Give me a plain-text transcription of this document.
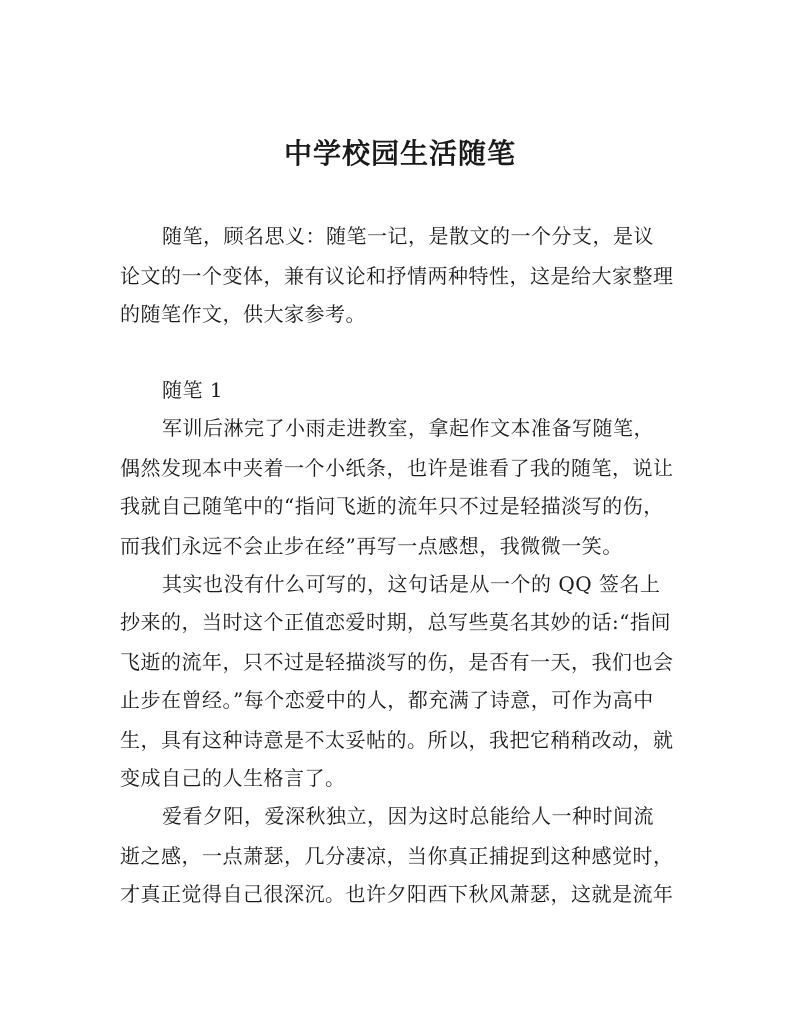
中学校园生活随笔
随笔，顾名思义：随笔一记，是散文的一个分支，是议
论文的一个变体，兼有议论和抒情两种特性，这是给大家整理
的随笔作文，供大家参考。
随笔 1
军训后淋完了小雨走进教室，拿起作文本准备写随笔，
偶然发现本中夹着一个小纸条，也许是谁看了我的随笔，说让
我就自己随笔中的“指问飞逝的流年只不过是轻描淡写的伤，
而我们永远不会止步在经”再写一点感想，我微微一笑。
其实也没有什么可写的，这句话是从一个的 QQ 签名上
抄来的，当时这个正值恋爱时期，总写些莫名其妙的话:“指间
飞逝的流年，只不过是轻描淡写的伤，是否有一天，我们也会
止步在曾经。”每个恋爱中的人，都充满了诗意，可作为高中
生，具有这种诗意是不太妥帖的。所以，我把它稍稍改动，就
变成自己的人生格言了。
爱看夕阳，爱深秋独立，因为这时总能给人一种时间流
逝之感，一点萧瑟，几分凄凉，当你真正捕捉到这种感觉时，
才真正觉得自己很深沉。也许夕阳西下秋风萧瑟，这就是流年
